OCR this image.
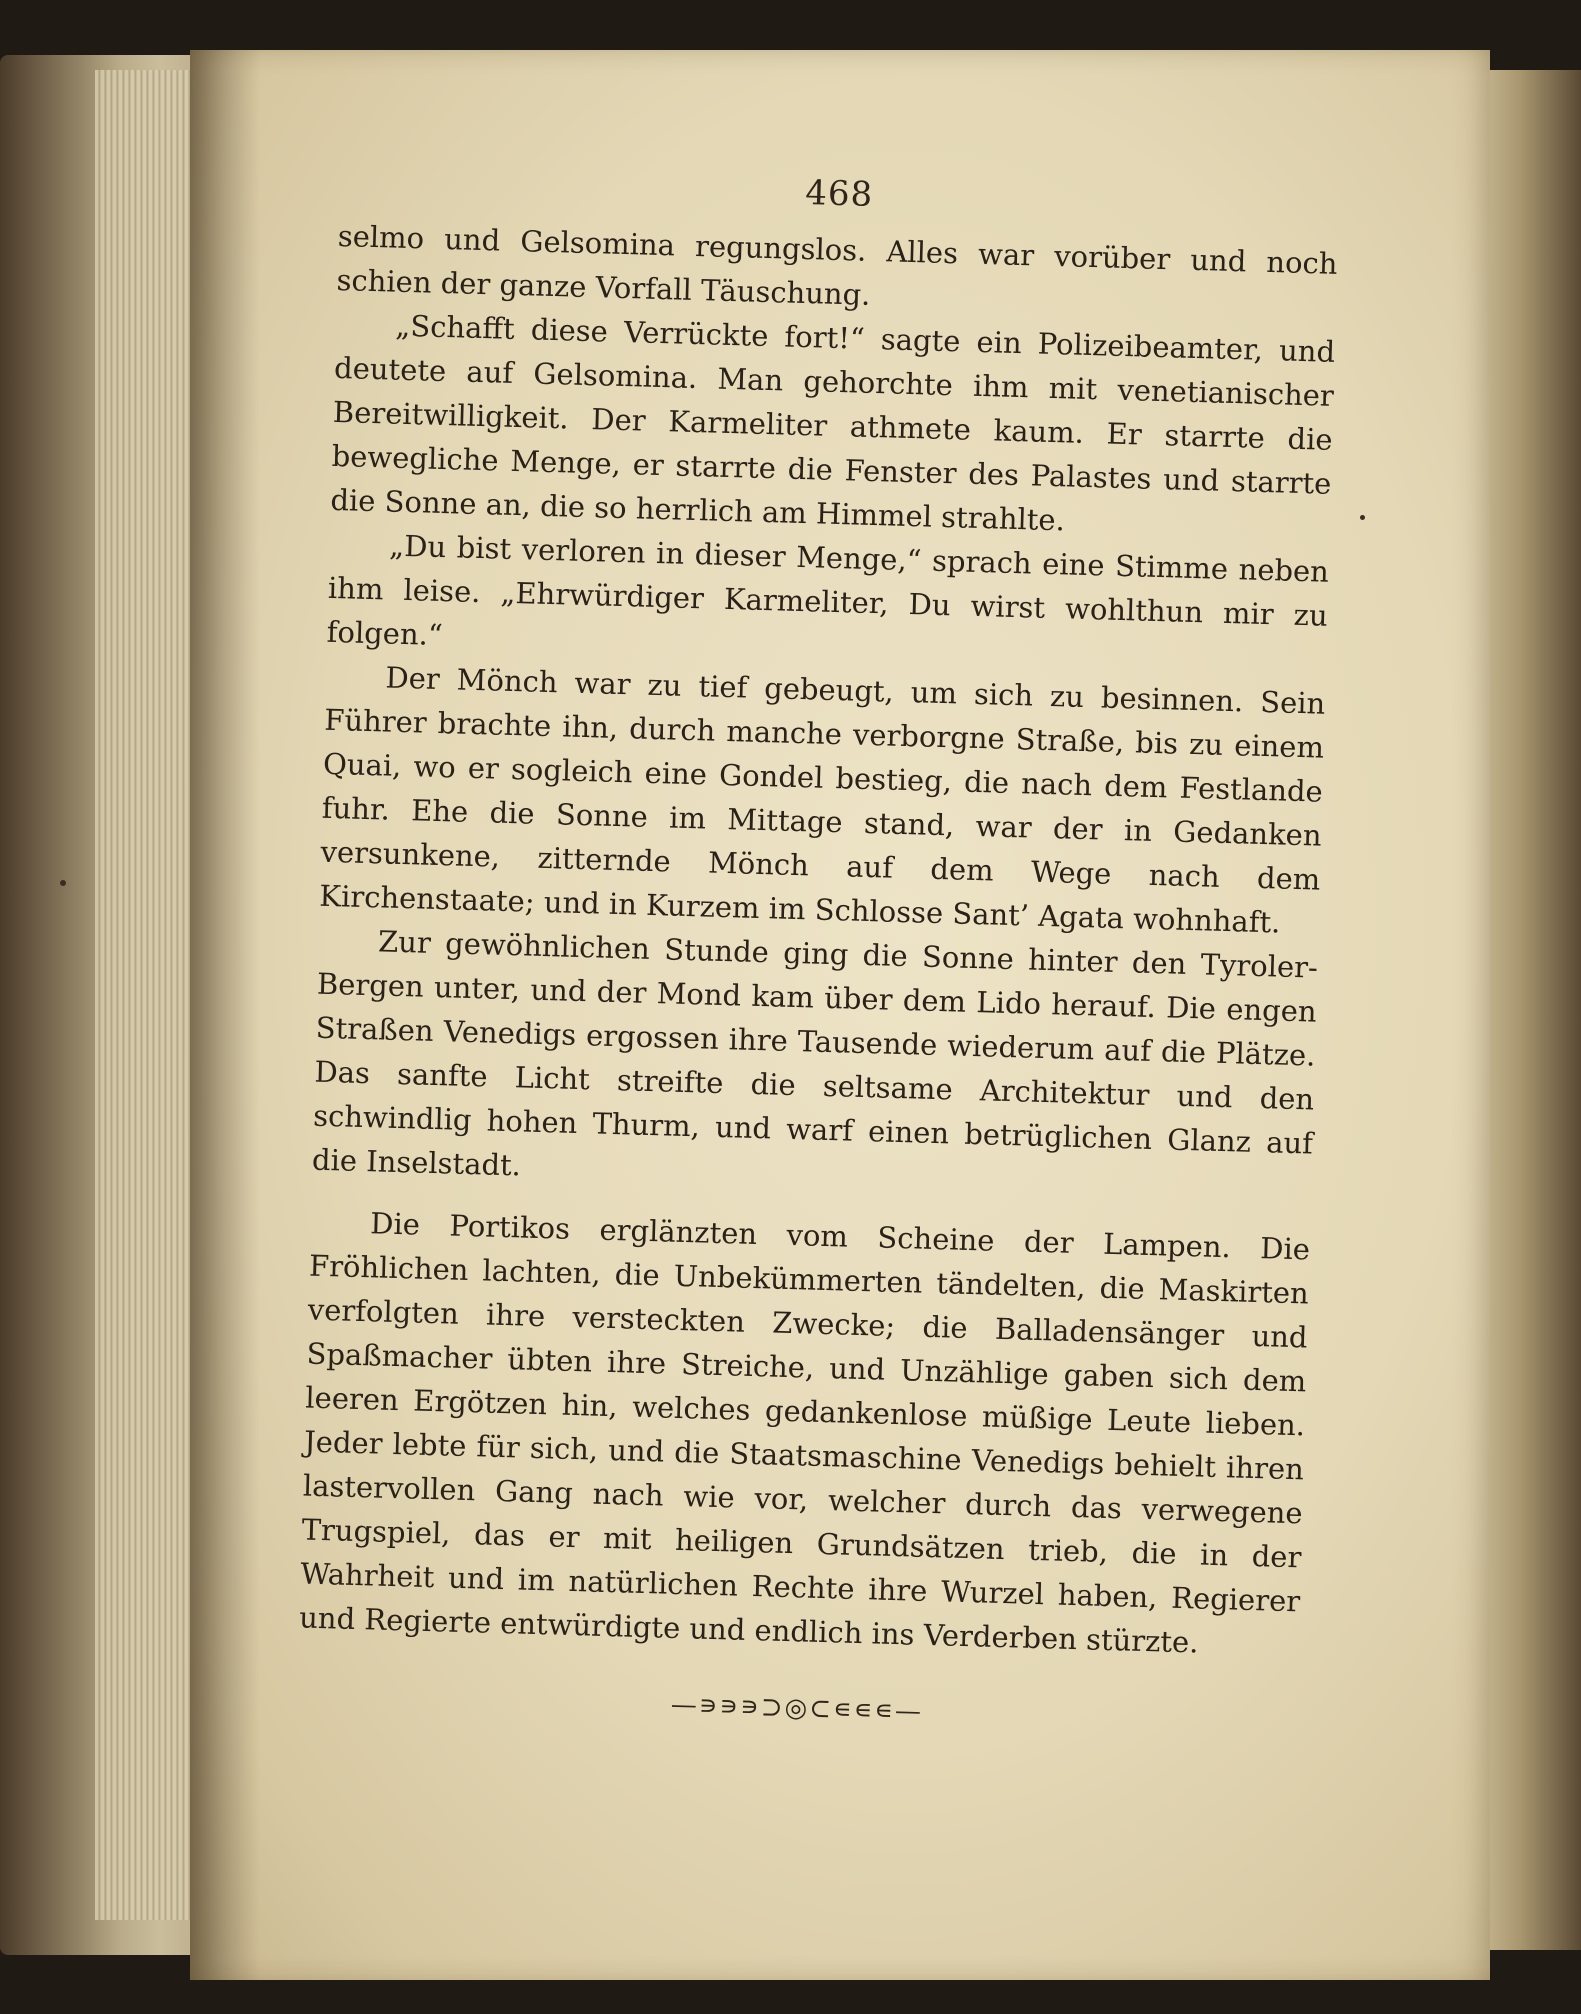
468

selmo und Gelsomina regungslos. Alles war vorüber und noch schien der ganze Vorfall Täuschung.

„Schafft diese Verrückte fort!“ sagte ein Polizeibeamter, und deutete auf Gelsomina. Man gehorchte ihm mit venetianischer Bereitwilligkeit. Der Karmeliter athmete kaum. Er starrte die bewegliche Menge, er starrte die Fenster des Palastes und starrte die Sonne an, die so herrlich am Himmel strahlte.

„Du bist verloren in dieser Menge,“ sprach eine Stimme neben ihm leise. „Ehrwürdiger Karmeliter, Du wirst wohlthun mir zu folgen.“

Der Mönch war zu tief gebeugt, um sich zu besinnen. Sein Führer brachte ihn, durch manche verborgne Straße, bis zu einem Quai, wo er sogleich eine Gondel bestieg, die nach dem Festlande fuhr. Ehe die Sonne im Mittage stand, war der in Gedanken versunkene, zitternde Mönch auf dem Wege nach dem Kirchenstaate; und in Kurzem im Schlosse Sant’ Agata wohnhaft.

Zur gewöhnlichen Stunde ging die Sonne hinter den Tyroler-Bergen unter, und der Mond kam über dem Lido herauf. Die engen Straßen Venedigs ergossen ihre Tausende wiederum auf die Plätze. Das sanfte Licht streifte die seltsame Architektur und den schwindlig hohen Thurm, und warf einen betrüglichen Glanz auf die Inselstadt.

Die Portikos erglänzten vom Scheine der Lampen. Die Fröhlichen lachten, die Unbekümmerten tändelten, die Maskirten verfolgten ihre versteckten Zwecke; die Balladensänger und Spaßmacher übten ihre Streiche, und Unzählige gaben sich dem leeren Ergötzen hin, welches gedankenlose müßige Leute lieben. Jeder lebte für sich, und die Staatsmaschine Venedigs behielt ihren lastervollen Gang nach wie vor, welcher durch das verwegene Trugspiel, das er mit heiligen Grundsätzen trieb, die in der Wahrheit und im natürlichen Rechte ihre Wurzel haben, Regierer und Regierte entwürdigte und endlich ins Verderben stürzte.

—∍∍∍⊃◎⊂∊∊∊—
